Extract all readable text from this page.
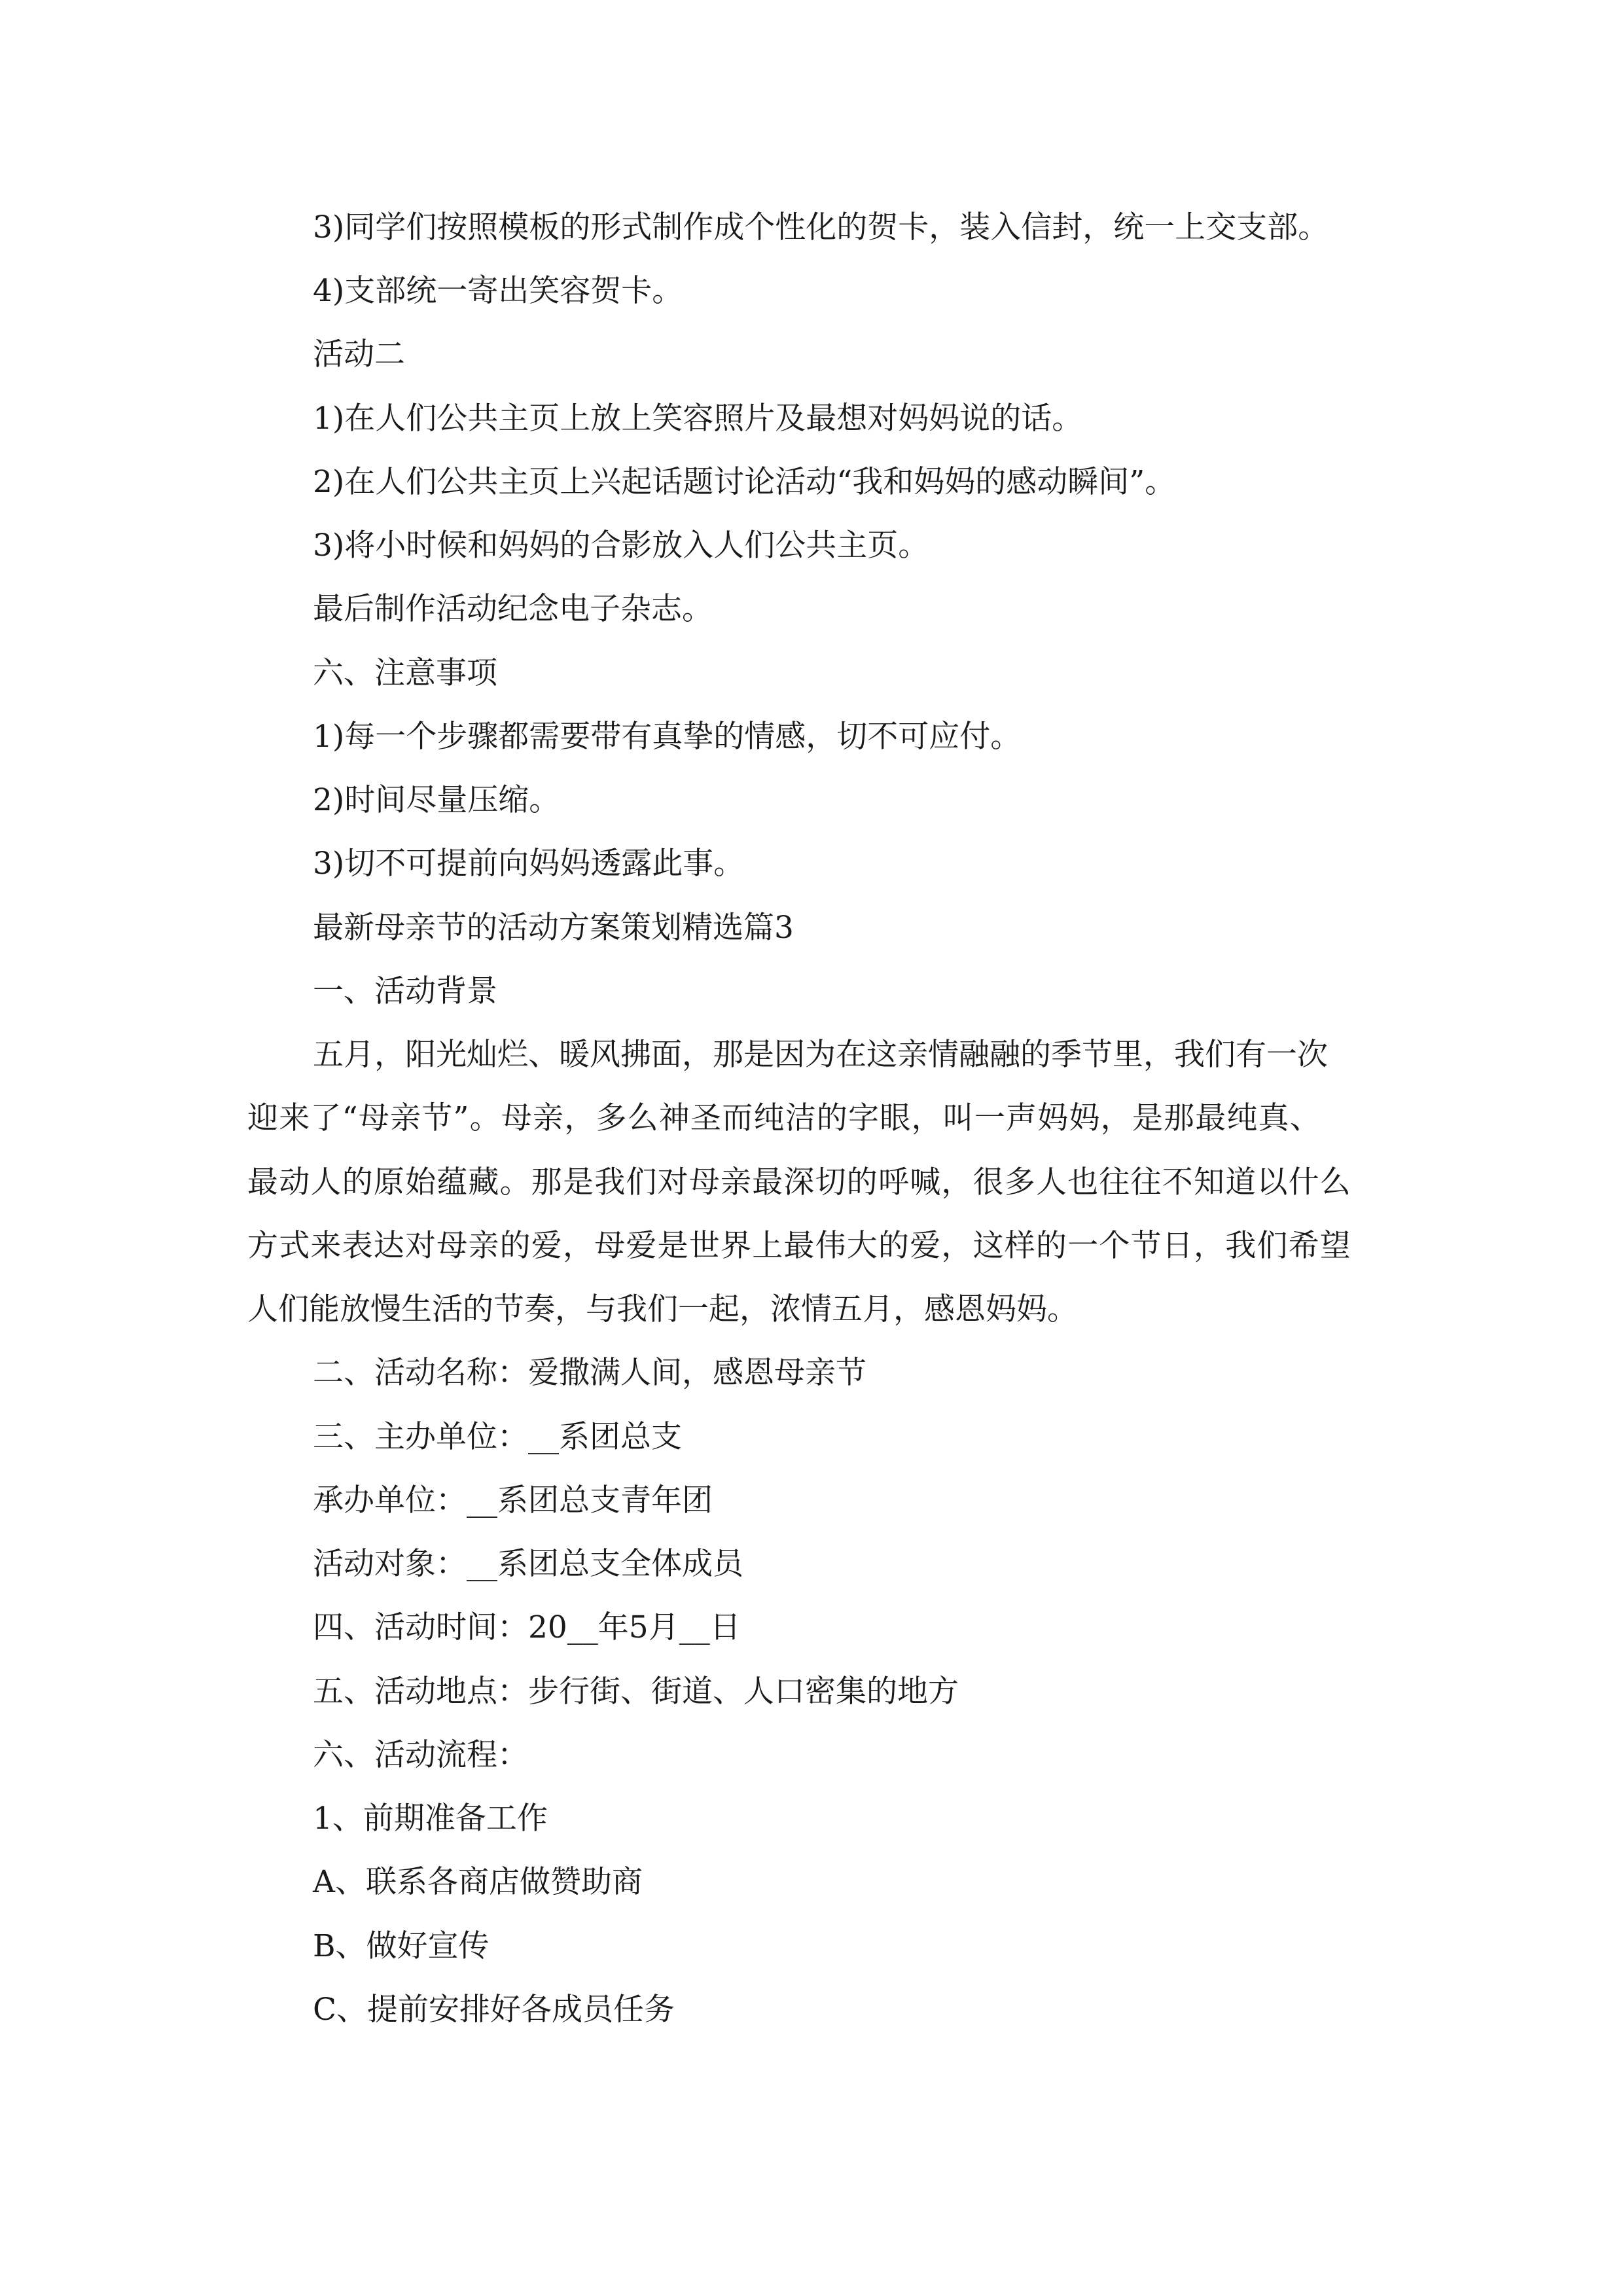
3)同学们按照模板的形式制作成个性化的贺卡，装入信封，统一上交支部。

4)支部统一寄出笑容贺卡。

活动二

1)在人们公共主页上放上笑容照片及最想对妈妈说的话。

2)在人们公共主页上兴起话题讨论活动“我和妈妈的感动瞬间”。

3)将小时候和妈妈的合影放入人们公共主页。

最后制作活动纪念电子杂志。

六、注意事项

1)每一个步骤都需要带有真挚的情感，切不可应付。

2)时间尽量压缩。

3)切不可提前向妈妈透露此事。

最新母亲节的活动方案策划精选篇3

一、活动背景

五月，阳光灿烂、暖风拂面，那是因为在这亲情融融的季节里，我们有一次

迎来了“母亲节”。母亲，多么神圣而纯洁的字眼，叫一声妈妈，是那最纯真、

最动人的原始蕴藏。那是我们对母亲最深切的呼喊，很多人也往往不知道以什么

方式来表达对母亲的爱，母爱是世界上最伟大的爱，这样的一个节日，我们希望

人们能放慢生活的节奏，与我们一起，浓情五月，感恩妈妈。

二、活动名称：爱撒满人间，感恩母亲节

三、主办单位：__系团总支

承办单位：__系团总支青年团

活动对象：__系团总支全体成员

四、活动时间：20__年5月__日

五、活动地点：步行街、街道、人口密集的地方

六、活动流程：

1、前期准备工作

A、联系各商店做赞助商

B、做好宣传

C、提前安排好各成员任务
